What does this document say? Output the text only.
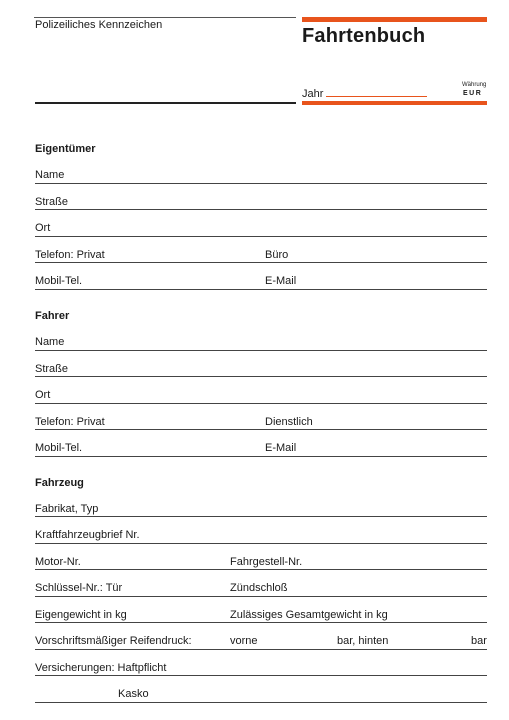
Polizeiliches Kennzeichen	Fahrtenbuch
Jahr
Währung
EUR
Eigentümer
Name
Straße
Ort
Telefon: Privat	Büro
Mobil-Tel.	E-Mail
Fahrer
Name
Straße
Ort
Telefon: Privat	Dienstlich
Mobil-Tel.	E-Mail
Fahrzeug
Fabrikat, Typ
Kraftfahrzeugbrief Nr.
Motor-Nr.	Fahrgestell-Nr.
Schlüssel-Nr.: Tür	Zündschloß
Eigengewicht in kg	Zulässiges Gesamtgewicht in kg
Vorschriftsmäßiger Reifendruck:	vorne	bar, hinten	bar
Versicherungen: Haftpflicht
Kasko
